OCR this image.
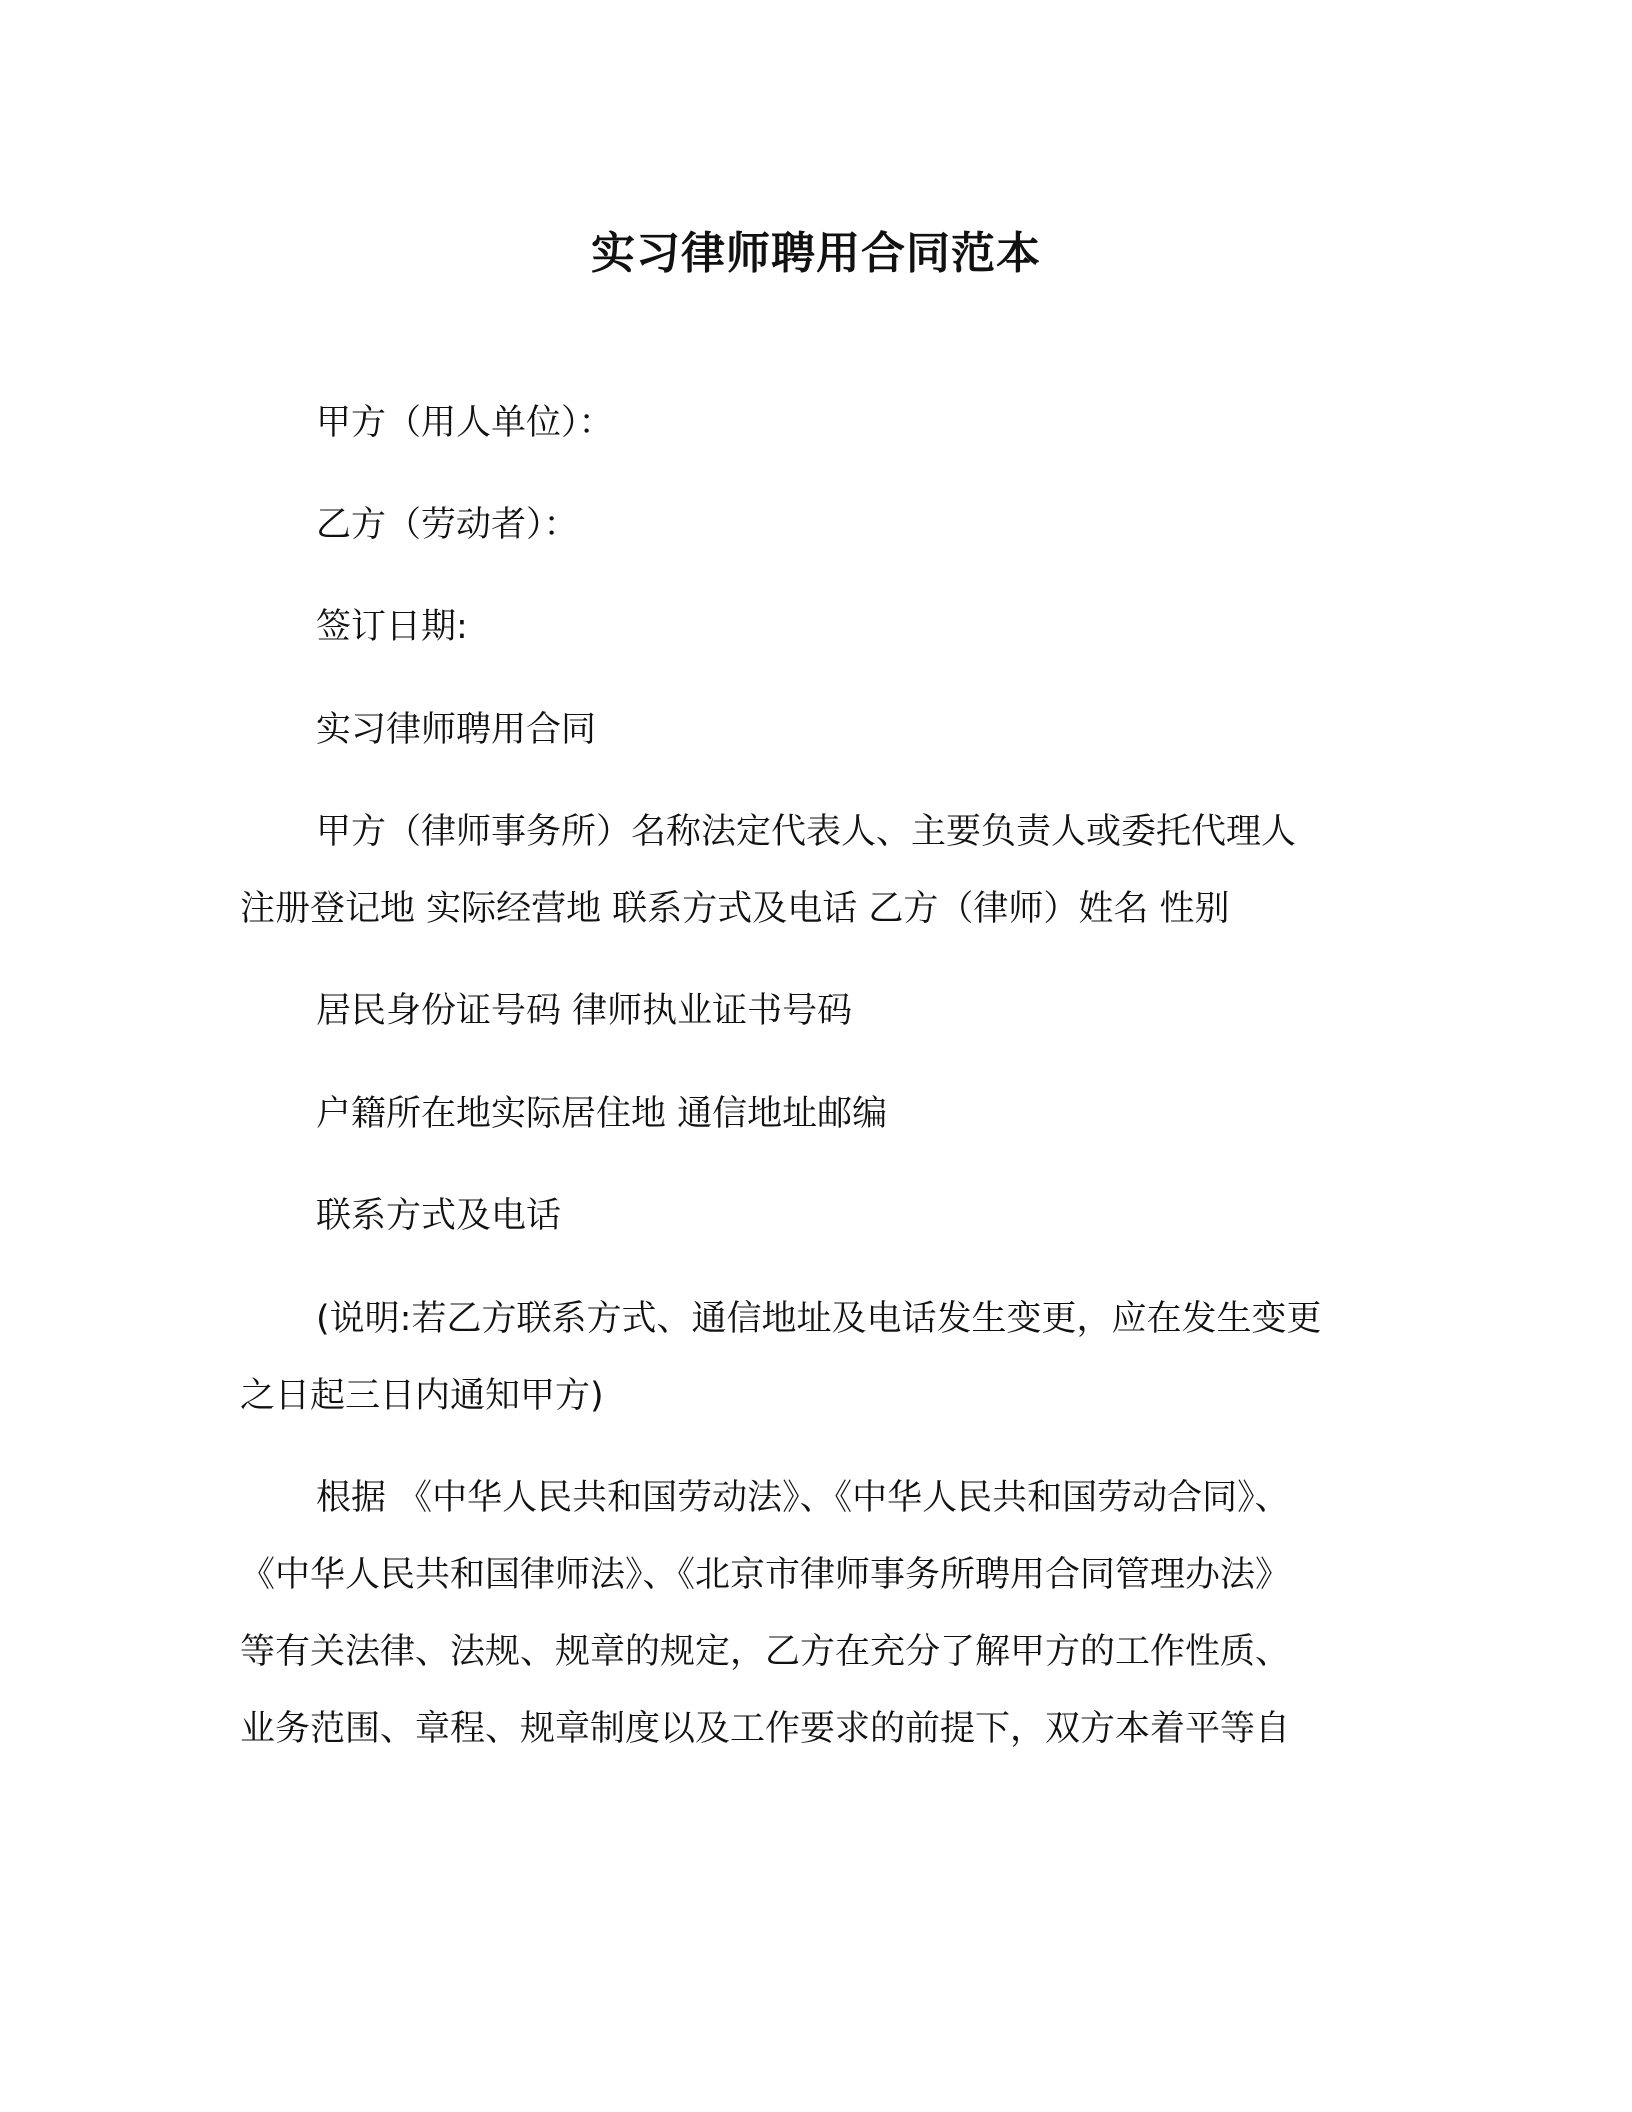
实习律师聘用合同范本
甲方（用人单位）：
乙方（劳动者）：
签订日期:
实习律师聘用合同
甲方（律师事务所）名称法定代表人、主要负责人或委托代理人
注册登记地 实际经营地 联系方式及电话 乙方（律师）姓名 性别
居民身份证号码 律师执业证书号码
户籍所在地实际居住地 通信地址邮编
联系方式及电话
(说明:若乙方联系方式、通信地址及电话发生变更，应在发生变更
之日起三日内通知甲方)
根据 《中华人民共和国劳动法》、《中华人民共和国劳动合同》、
《中华人民共和国律师法》、《北京市律师事务所聘用合同管理办法》
等有关法律、法规、规章的规定，乙方在充分了解甲方的工作性质、
业务范围、章程、规章制度以及工作要求的前提下，双方本着平等自
